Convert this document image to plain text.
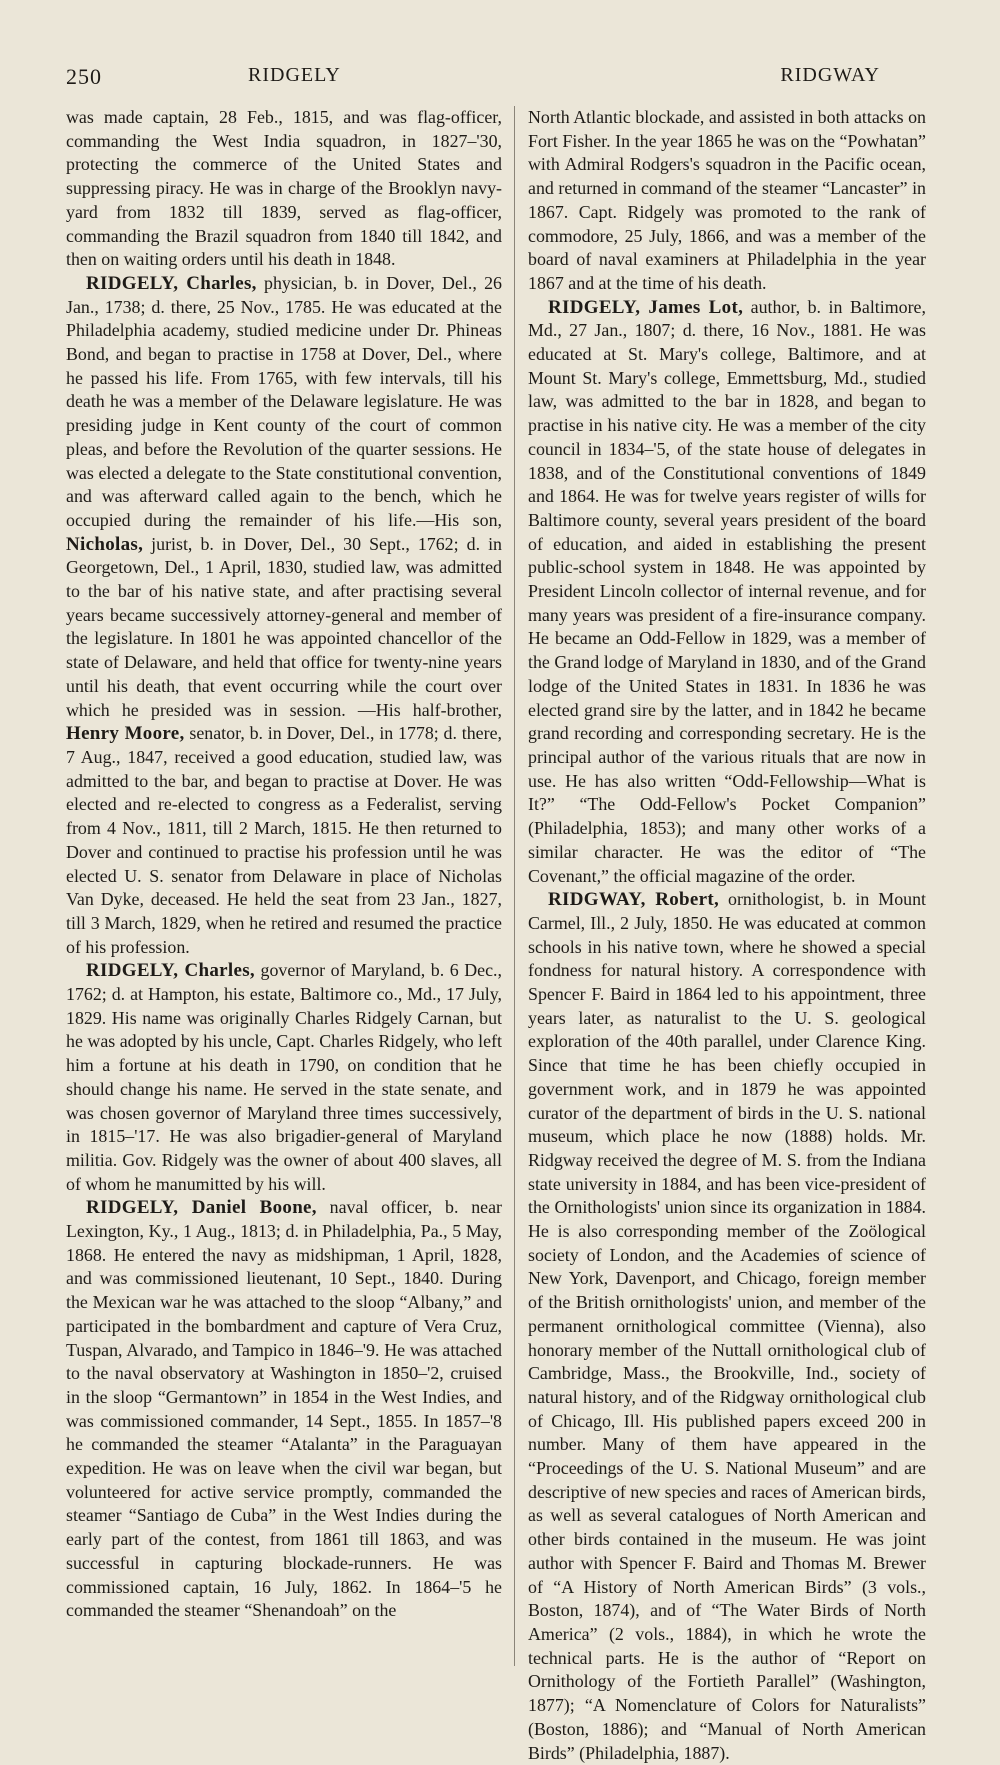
250	RIDGELY	RIDGWAY

was made captain, 28 Feb., 1815, and was flag-officer, commanding the West India squadron, in 1827–'30, protecting the commerce of the United States and suppressing piracy. He was in charge of the Brooklyn navy-yard from 1832 till 1839, served as flag-officer, commanding the Brazil squadron from 1840 till 1842, and then on waiting orders until his death in 1848.

RIDGELY, Charles, physician, b. in Dover, Del., 26 Jan., 1738; d. there, 25 Nov., 1785. He was educated at the Philadelphia academy, studied medicine under Dr. Phineas Bond, and began to practise in 1758 at Dover, Del., where he passed his life. From 1765, with few intervals, till his death he was a member of the Delaware legislature. He was presiding judge in Kent county of the court of common pleas, and before the Revolution of the quarter sessions. He was elected a delegate to the State constitutional convention, and was afterward called again to the bench, which he occupied during the remainder of his life.—His son, Nicholas, jurist, b. in Dover, Del., 30 Sept., 1762; d. in Georgetown, Del., 1 April, 1830, studied law, was admitted to the bar of his native state, and after practising several years became successively attorney-general and member of the legislature. In 1801 he was appointed chancellor of the state of Delaware, and held that office for twenty-nine years until his death, that event occurring while the court over which he presided was in session. —His half-brother, Henry Moore, senator, b. in Dover, Del., in 1778; d. there, 7 Aug., 1847, received a good education, studied law, was admitted to the bar, and began to practise at Dover. He was elected and re-elected to congress as a Federalist, serving from 4 Nov., 1811, till 2 March, 1815. He then returned to Dover and continued to practise his profession until he was elected U. S. senator from Delaware in place of Nicholas Van Dyke, deceased. He held the seat from 23 Jan., 1827, till 3 March, 1829, when he retired and resumed the practice of his profession.

RIDGELY, Charles, governor of Maryland, b. 6 Dec., 1762; d. at Hampton, his estate, Baltimore co., Md., 17 July, 1829. His name was originally Charles Ridgely Carnan, but he was adopted by his uncle, Capt. Charles Ridgely, who left him a fortune at his death in 1790, on condition that he should change his name. He served in the state senate, and was chosen governor of Maryland three times successively, in 1815–'17. He was also brigadier-general of Maryland militia. Gov. Ridgely was the owner of about 400 slaves, all of whom he manumitted by his will.

RIDGELY, Daniel Boone, naval officer, b. near Lexington, Ky., 1 Aug., 1813; d. in Philadelphia, Pa., 5 May, 1868. He entered the navy as midshipman, 1 April, 1828, and was commissioned lieutenant, 10 Sept., 1840. During the Mexican war he was attached to the sloop “Albany,” and participated in the bombardment and capture of Vera Cruz, Tuspan, Alvarado, and Tampico in 1846–'9. He was attached to the naval observatory at Washington in 1850–'2, cruised in the sloop “Germantown” in 1854 in the West Indies, and was commissioned commander, 14 Sept., 1855. In 1857–'8 he commanded the steamer “Atalanta” in the Paraguayan expedition. He was on leave when the civil war began, but volunteered for active service promptly, commanded the steamer “Santiago de Cuba” in the West Indies during the early part of the contest, from 1861 till 1863, and was successful in capturing blockade-runners. He was commissioned captain, 16 July, 1862. In 1864–'5 he commanded the steamer “Shenandoah” on the

North Atlantic blockade, and assisted in both attacks on Fort Fisher. In the year 1865 he was on the “Powhatan” with Admiral Rodgers's squadron in the Pacific ocean, and returned in command of the steamer “Lancaster” in 1867. Capt. Ridgely was promoted to the rank of commodore, 25 July, 1866, and was a member of the board of naval examiners at Philadelphia in the year 1867 and at the time of his death.

RIDGELY, James Lot, author, b. in Baltimore, Md., 27 Jan., 1807; d. there, 16 Nov., 1881. He was educated at St. Mary's college, Baltimore, and at Mount St. Mary's college, Emmettsburg, Md., studied law, was admitted to the bar in 1828, and began to practise in his native city. He was a member of the city council in 1834–'5, of the state house of delegates in 1838, and of the Constitutional conventions of 1849 and 1864. He was for twelve years register of wills for Baltimore county, several years president of the board of education, and aided in establishing the present public-school system in 1848. He was appointed by President Lincoln collector of internal revenue, and for many years was president of a fire-insurance company. He became an Odd-Fellow in 1829, was a member of the Grand lodge of Maryland in 1830, and of the Grand lodge of the United States in 1831. In 1836 he was elected grand sire by the latter, and in 1842 he became grand recording and corresponding secretary. He is the principal author of the various rituals that are now in use. He has also written “Odd-Fellowship—What is It?” “The Odd-Fellow's Pocket Companion” (Philadelphia, 1853); and many other works of a similar character. He was the editor of “The Covenant,” the official magazine of the order.

RIDGWAY, Robert, ornithologist, b. in Mount Carmel, Ill., 2 July, 1850. He was educated at common schools in his native town, where he showed a special fondness for natural history. A correspondence with Spencer F. Baird in 1864 led to his appointment, three years later, as naturalist to the U. S. geological exploration of the 40th parallel, under Clarence King. Since that time he has been chiefly occupied in government work, and in 1879 he was appointed curator of the department of birds in the U. S. national museum, which place he now (1888) holds. Mr. Ridgway received the degree of M. S. from the Indiana state university in 1884, and has been vice-president of the Ornithologists' union since its organization in 1884. He is also corresponding member of the Zoölogical society of London, and the Academies of science of New York, Davenport, and Chicago, foreign member of the British ornithologists' union, and member of the permanent ornithological committee (Vienna), also honorary member of the Nuttall ornithological club of Cambridge, Mass., the Brookville, Ind., society of natural history, and of the Ridgway ornithological club of Chicago, Ill. His published papers exceed 200 in number. Many of them have appeared in the “Proceedings of the U. S. National Museum” and are descriptive of new species and races of American birds, as well as several catalogues of North American and other birds contained in the museum. He was joint author with Spencer F. Baird and Thomas M. Brewer of “A History of North American Birds” (3 vols., Boston, 1874), and of “The Water Birds of North America” (2 vols., 1884), in which he wrote the technical parts. He is the author of “Report on Ornithology of the Fortieth Parallel” (Washington, 1877); “A Nomenclature of Colors for Naturalists” (Boston, 1886); and “Manual of North American Birds” (Philadelphia, 1887).
